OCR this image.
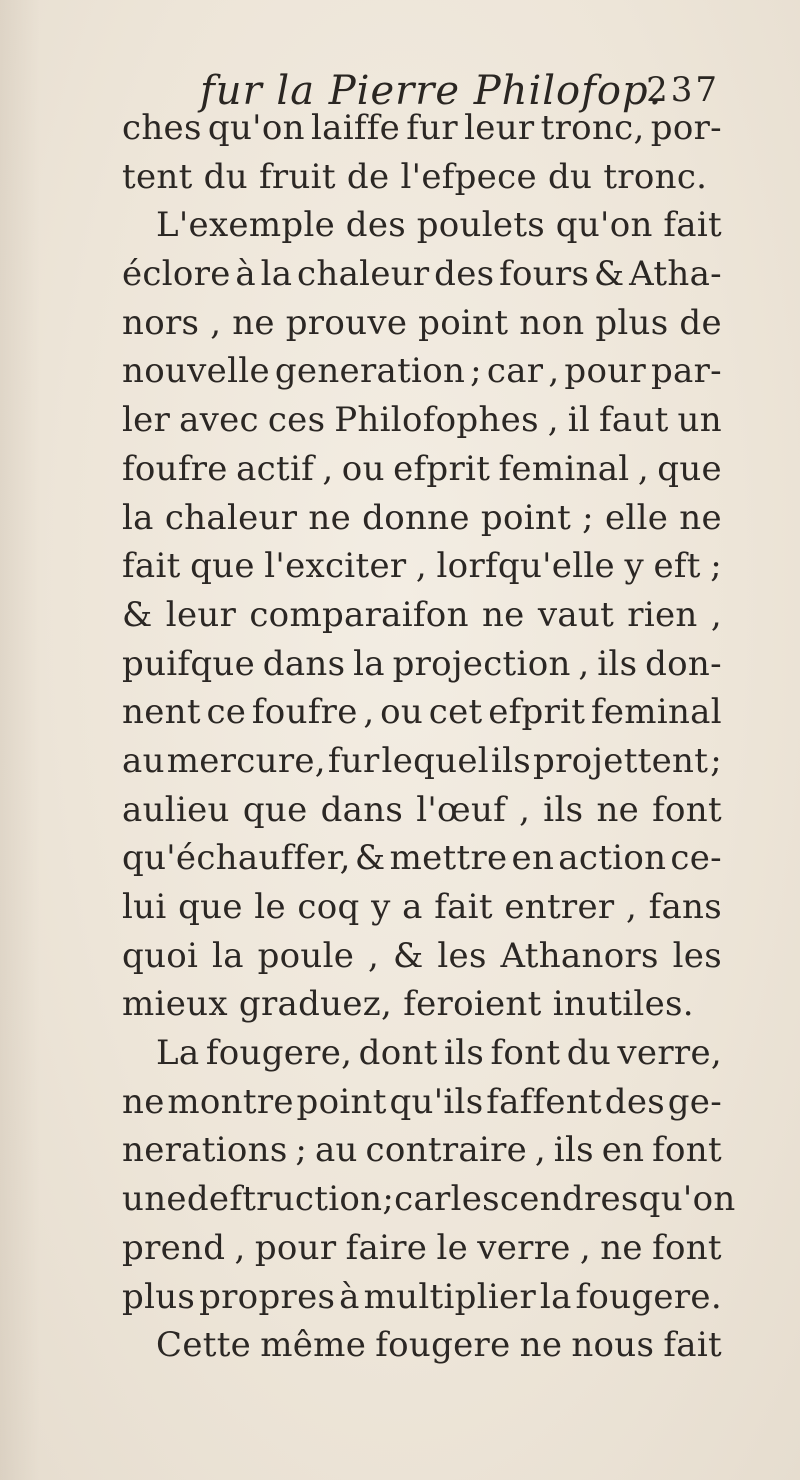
fur la Pierre Philofop.
237
ches qu'on laiffe fur leur tronc, por-
tent du fruit de l'efpece du tronc.
L'exemple des poulets qu'on fait
éclore à la chaleur des fours & Atha-
nors , ne prouve point non plus de
nouvelle generation ; car , pour par-
ler avec ces Philofophes , il faut un
foufre actif , ou efprit feminal , que
la chaleur ne donne point ; elle ne
fait que l'exciter , lorfqu'elle y eft ;
& leur comparaifon ne vaut rien ,
puifque dans la projection , ils don-
nent ce foufre , ou cet efprit feminal
au mercure, fur lequel ils projettent ;
aulieu que dans l'œuf , ils ne font
qu'échauffer, & mettre en action ce-
lui que le coq y a fait entrer , fans
quoi la poule , & les Athanors les
mieux graduez, feroient inutiles.
La fougere, dont ils font du verre,
ne montre point qu'ils faffent des ge-
nerations ; au contraire , ils en font
une deftruction;car les cendres qu'on
prend , pour faire le verre , ne font
plus propres à multiplier la fougere.
Cette même fougere ne nous fait
